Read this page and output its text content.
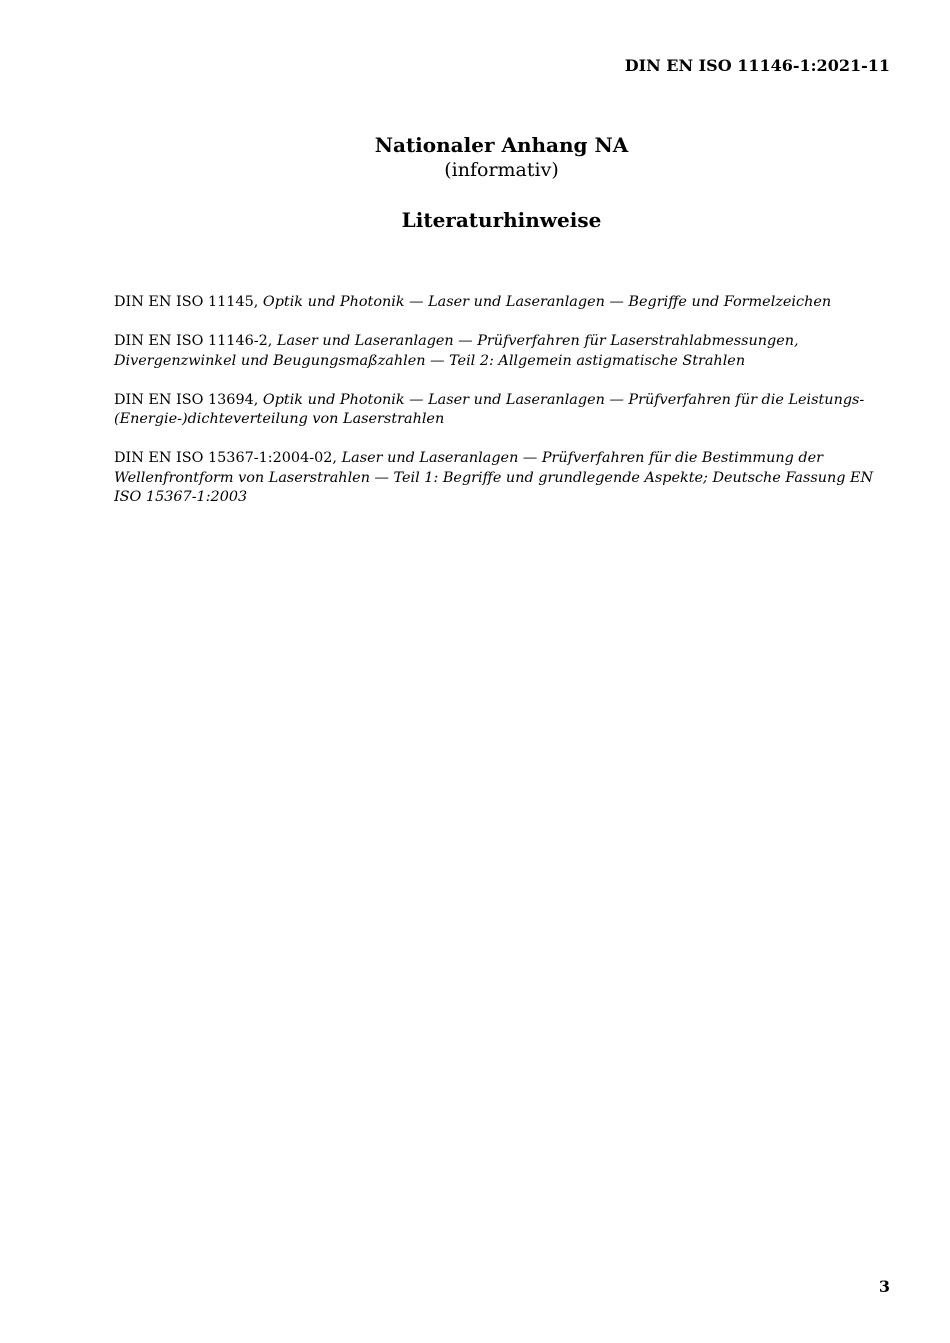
DIN EN ISO 11146-1:2021-11
Nationaler Anhang NA
(informativ)
Literaturhinweise

DIN EN ISO 11145, Optik und Photonik — Laser und Laseranlagen — Begriffe und Formelzeichen

DIN EN ISO 11146-2, Laser und Laseranlagen — Prüfverfahren für Laserstrahlabmessungen, Divergenzwinkel und Beugungsmaßzahlen — Teil 2: Allgemein astigmatische Strahlen

DIN EN ISO 13694, Optik und Photonik — Laser und Laseranlagen — Prüfverfahren für die Leistungs-(Energie-)dichteverteilung von Laserstrahlen

DIN EN ISO 15367-1:2004-02, Laser und Laseranlagen — Prüfverfahren für die Bestimmung der Wellenfrontform von Laserstrahlen — Teil 1: Begriffe und grundlegende Aspekte; Deutsche Fassung EN ISO 15367-1:2003

3
